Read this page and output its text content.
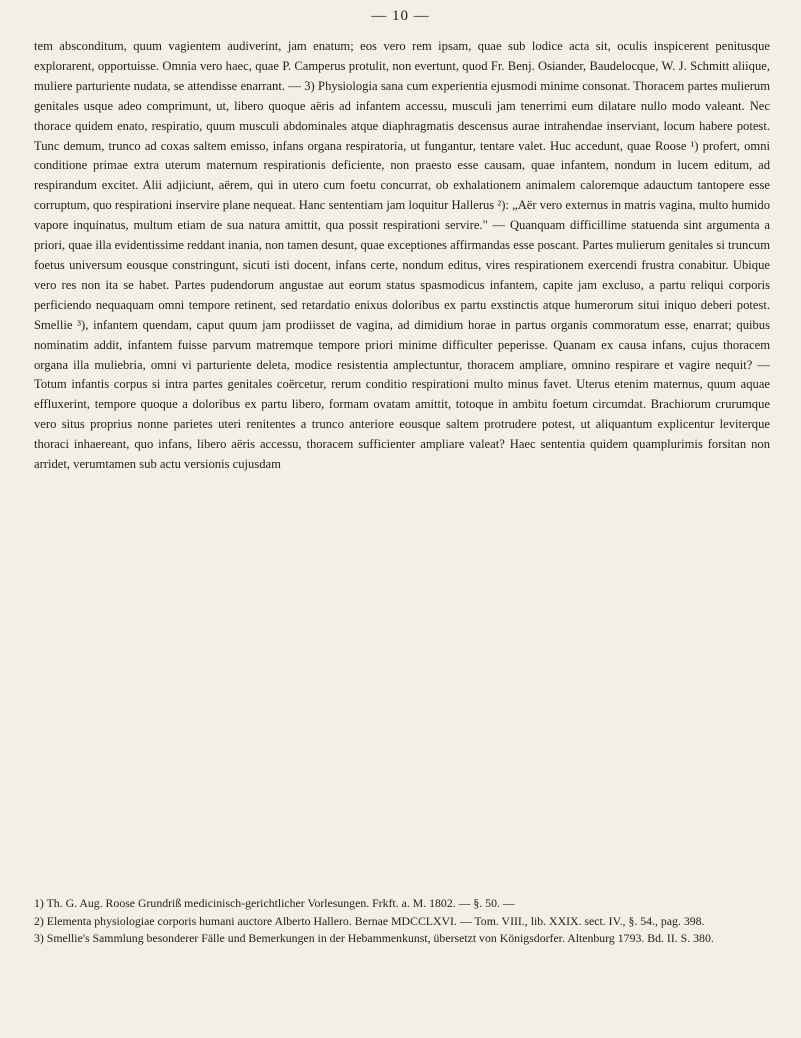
— 10 —

tem absconditum, quum vagientem audiverint, jam enatum; eos vero rem ipsam, quae sub lodice acta sit, oculis inspicerent penitusque explorarent, opportuisse. Omnia vero haec, quae P. Camperus protulit, non evertunt, quod Fr. Benj. Osiander, Baudelocque, W. J. Schmitt aliique, muliere parturiente nudata, se attendisse enarrant. — 3) Physiologia sana cum experientia ejusmodi minime consonat. Thoracem partes mulierum genitales usque adeo comprimunt, ut, libero quoque aëris ad infantem accessu, musculi jam tenerrimi eum dilatare nullo modo valeant. Nec thorace quidem enato, respiratio, quum musculi abdominales atque diaphragmatis descensus aurae intrahendae inserviant, locum habere potest. Tunc demum, trunco ad coxas saltem emisso, infans organa respiratoria, ut fungantur, tentare valet. Huc accedunt, quae Roose ¹) profert, omni conditione primae extra uterum maternum respirationis deficiente, non praesto esse causam, quae infantem, nondum in lucem editum, ad respirandum excitet. Alii adjiciunt, aërem, qui in utero cum foetu concurrat, ob exhalationem animalem caloremque adauctum tantopere esse corruptum, quo respirationi inservire plane nequeat. Hanc sententiam jam loquitur Hallerus ²): „Aër vero externus in matris vagina, multo humido vapore inquinatus, multum etiam de sua natura amittit, qua possit respirationi servire." — Quanquam difficillime statuenda sint argumenta a priori, quae illa evidentissime reddant inania, non tamen desunt, quae exceptiones affirmandas esse poscant. Partes mulierum genitales si truncum foetus universum eousque constringunt, sicuti isti docent, infans certe, nondum editus, vires respirationem exercendi frustra conabitur. Ubique vero res non ita se habet. Partes pudendorum angustae aut eorum status spasmodicus infantem, capite jam exclusо, a partu reliqui corporis perficiendo nequaquam omni tempore retinent, sed retardatio enixus doloribus ex partu exstinctis atque humerorum situi iniquo deberi potest. Smellie ³), infantem quendam, caput quum jam prodiisset de vagina, ad dimidium horae in partus organis commoratum esse, enarrat; quibus nominatim addit, infantem fuisse parvum matremque tempore priori minime difficulter peperisse. Quanam ex causa infans, cujus thoracem organa illa muliebria, omni vi parturiente deleta, modice resistentia amplectuntur, thoracem ampliare, omnino respirare et vagire nequit? — Totum infantis corpus si intra partes genitales coërcetur, rerum conditio respirationi multo minus favet. Uterus etenim maternus, quum aquae effluxerint, tempore quoque a doloribus ex partu libero, formam ovatam amittit, totoque in ambitu foetum circumdat. Brachiorum crurumque vero situs proprius nonne parietes uteri renitentes a trunco anteriore eousque saltem protrudere potest, ut aliquantum explicentur leviterque thoraci inhaereant, quo infans, libero aëris accessu, thoracem sufficienter ampliare valeat? Haec sententia quidem quamplurimis forsitan non arridet, verumtamen sub actu versionis cujusdam

1) Th. G. Aug. Roose Grundriß medicinisch-gerichtlicher Vorlesungen. Frkft. a. M. 1802. — §. 50. —

2) Elementa physiologiae corporis humani auctore Alberto Hallero. Bernae MDCCLXVI. — Tom. VIII., lib. XXIX. sect. IV., §. 54., pag. 398.

3) Smellie's Sammlung besonderer Fälle und Bemerkungen in der Hebammenkunst, übersetzt von Königsdorfer. Altenburg 1793. Bd. II. S. 380.
